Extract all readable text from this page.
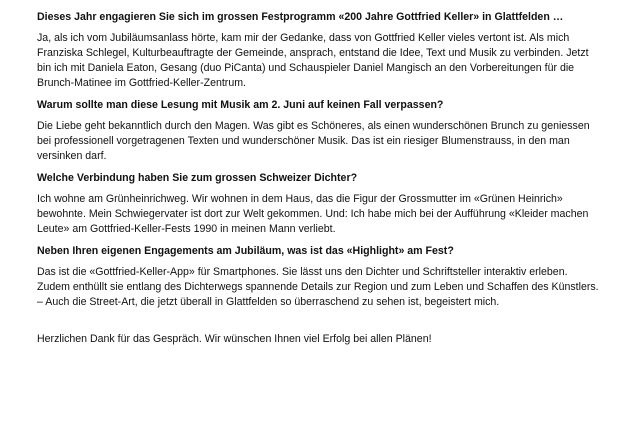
Dieses Jahr engagieren Sie sich im grossen Festprogramm «200 Jahre Gottfried Keller» in Glattfelden …

Ja, als ich vom Jubiläumsanlass hörte, kam mir der Gedanke, dass von Gottfried Keller vieles vertont ist. Als mich Franziska Schlegel, Kulturbeauftragte der Gemeinde, ansprach, entstand die Idee, Text und Musik zu verbinden. Jetzt bin ich mit Daniela Eaton, Gesang (duo PiCanta) und Schauspieler Daniel Mangisch an den Vorbereitungen für die Brunch-Matinee im Gottfried-Keller-Zentrum.

Warum sollte man diese Lesung mit Musik am 2. Juni auf keinen Fall verpassen?

Die Liebe geht bekanntlich durch den Magen. Was gibt es Schöneres, als einen wunderschönen Brunch zu geniessen bei professionell vorgetragenen Texten und wunderschöner Musik. Das ist ein riesiger Blumenstrauss, in den man versinken darf.

Welche Verbindung haben Sie zum grossen Schweizer Dichter?

Ich wohne am Grünheinrichweg. Wir wohnen in dem Haus, das die Figur der Grossmutter im «Grünen Heinrich» bewohnte. Mein Schwiegervater ist dort zur Welt gekommen. Und: Ich habe mich bei der Aufführung «Kleider machen Leute» am Gottfried-Keller-Fests 1990 in meinen Mann verliebt.

Neben Ihren eigenen Engagements am Jubiläum, was ist das «Highlight» am Fest?

Das ist die «Gottfried-Keller-App» für Smartphones. Sie lässt uns den Dichter und Schriftsteller interaktiv erleben. Zudem enthüllt sie entlang des Dichterwegs spannende Details zur Region und zum Leben und Schaffen des Künstlers. – Auch die Street-Art, die jetzt überall in Glattfelden so überraschend zu sehen ist, begeistert mich.

Herzlichen Dank für das Gespräch. Wir wünschen Ihnen viel Erfolg bei allen Plänen!
